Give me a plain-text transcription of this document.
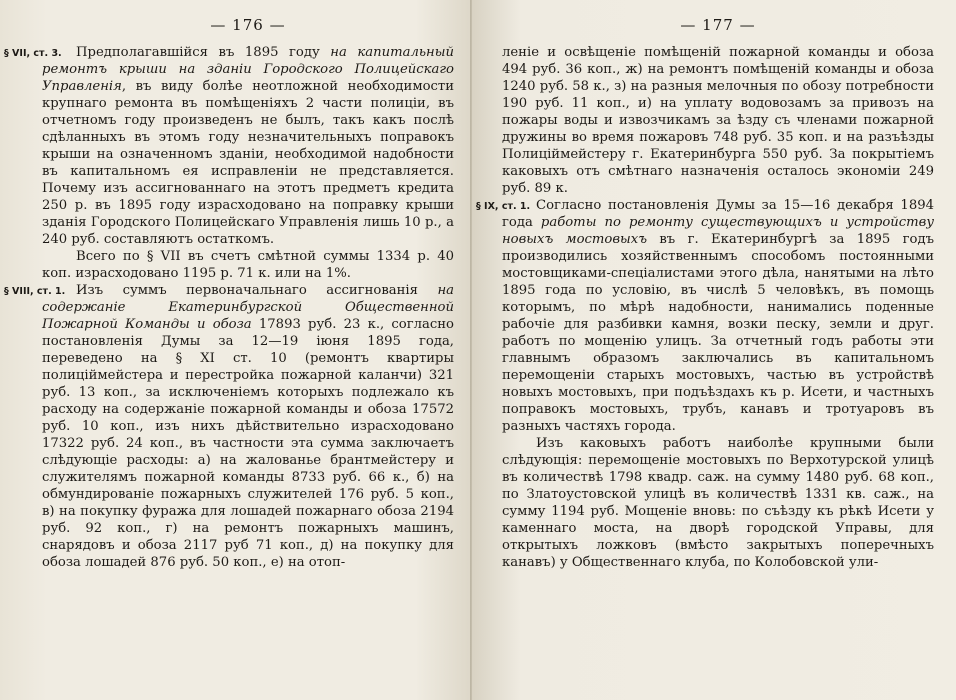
— 176 —

§ VII, ст. 3. Предполагавшійся въ 1895 году на капитальный ремонтъ крыши на зданіи Городского Полицейскаго Управленія, въ виду болѣе неотложной необходимости крупнаго ремонта въ помѣщеніяхъ 2 части полиціи, въ отчетномъ году произведенъ не былъ, такъ какъ послѣ сдѣланныхъ въ этомъ году незначительныхъ поправокъ крыши на означенномъ зданіи, необходимой надобности въ капитальномъ ея исправленіи не представляется. Почему изъ ассигнованнаго на этотъ предметъ кредита 250 р. въ 1895 году израсходовано на поправку крыши зданія Городского Полицейскаго Управленія лишь 10 р., а 240 руб. составляютъ остаткомъ.

Всего по § VII въ счетъ смѣтной суммы 1334 р. 40 коп. израсходовано 1195 р. 71 к. или на 1%.

§ VIII, ст. 1. Изъ суммъ первоначальнаго ассигнованія на содержаніе Екатеринбургской Общественной Пожарной Команды и обоза 17893 руб. 23 к., согласно постановленія Думы за 12—19 іюня 1895 года, переведено на § XI ст. 10 (ремонтъ квартиры полиціймейстера и перестройка пожарной каланчи) 321 руб. 13 коп., за исключеніемъ которыхъ подлежало къ расходу на содержаніе пожарной команды и обоза 17572 руб. 10 коп., изъ нихъ дѣйствительно израсходовано 17322 руб. 24 коп., въ частности эта сумма заключаетъ слѣдующіе расходы: а) на жалованье брантмейстеру и служителямъ пожарной команды 8733 руб. 66 к., б) на обмундированіе пожарныхъ служителей 176 руб. 5 коп., в) на покупку фуража для лошадей пожарнаго обоза 2194 руб. 92 коп., г) на ремонтъ пожарныхъ машинъ, снарядовъ и обоза 2117 руб 71 коп., д) на покупку для обоза лошадей 876 руб. 50 коп., е) на отоп-

— 177 —

леніе и освѣщеніе помѣщеній пожарной команды и обоза 494 руб. 36 коп., ж) на ремонтъ помѣщеній команды и обоза 1240 руб. 58 к., з) на разныя мелочныя по обозу потребности 190 руб. 11 коп., и) на уплату водовозамъ за привозъ на пожары воды и извозчикамъ за ѣзду съ членами пожарной дружины во время пожаровъ 748 руб. 35 коп. и на разъѣзды Полиціймейстеру г. Екатеринбурга 550 руб. За покрытіемъ каковыхъ отъ смѣтнаго назначенія осталось экономіи 249 руб. 89 к.

§ IX, ст. 1. Согласно постановленія Думы за 15—16 декабря 1894 года работы по ремонту существующихъ и устройству новыхъ мостовыхъ въ г. Екатеринбургѣ за 1895 годъ производились хозяйственнымъ способомъ постоянными мостовщиками-спеціалистами этого дѣла, нанятыми на лѣто 1895 года по условію, въ числѣ 5 человѣкъ, въ помощь которымъ, по мѣрѣ надобности, нанимались поденные рабочіе для разбивки камня, возки песку, земли и друг. работъ по мощенію улицъ. За отчетный годъ работы эти главнымъ образомъ заключались въ капитальномъ перемощеніи старыхъ мостовыхъ, частью въ устройствѣ новыхъ мостовыхъ, при подъѣздахъ къ р. Исети, и частныхъ поправокъ мостовыхъ, трубъ, канавъ и тротуаровъ въ разныхъ частяхъ города.

Изъ каковыхъ работъ наиболѣе крупными были слѣдующія: перемощеніе мостовыхъ по Верхотурской улицѣ въ количествѣ 1798 квадр. саж. на сумму 1480 руб. 68 коп., по Златоустовской улицѣ въ количествѣ 1331 кв. саж., на сумму 1194 руб. Мощеніе вновь: по съѣзду къ рѣкѣ Исети у каменнаго моста, на дворѣ городской Управы, для открытыхъ ложковъ (вмѣсто закрытыхъ поперечныхъ канавъ) у Общественнаго клуба, по Колобовской ули-
